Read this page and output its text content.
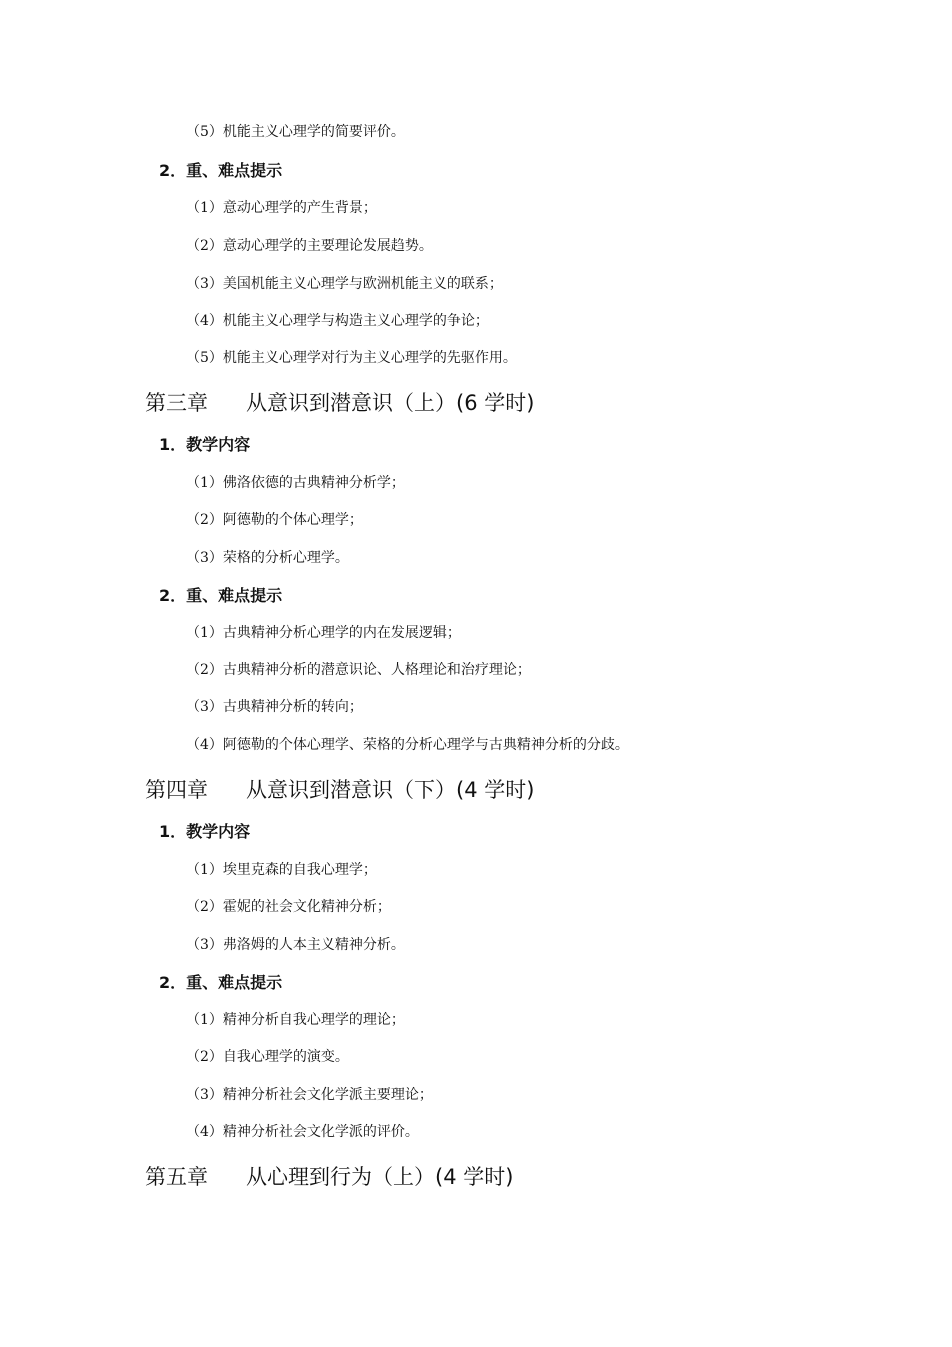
（5）机能主义心理学的简要评价。
2．重、难点提示
（1）意动心理学的产生背景；
（2）意动心理学的主要理论发展趋势。
（3）美国机能主义心理学与欧洲机能主义的联系；
（4）机能主义心理学与构造主义心理学的争论；
（5）机能主义心理学对行为主义心理学的先驱作用。
第三章 从意识到潜意识（上）(6 学时)
1．教学内容
（1）佛洛依德的古典精神分析学；
（2）阿德勒的个体心理学；
（3）荣格的分析心理学。
2．重、难点提示
（1）古典精神分析心理学的内在发展逻辑；
（2）古典精神分析的潜意识论、人格理论和治疗理论；
（3）古典精神分析的转向；
（4）阿德勒的个体心理学、荣格的分析心理学与古典精神分析的分歧。
第四章 从意识到潜意识（下）(4 学时)
1．教学内容
（1）埃里克森的自我心理学；
（2）霍妮的社会文化精神分析；
（3）弗洛姆的人本主义精神分析。
2．重、难点提示
（1）精神分析自我心理学的理论；
（2）自我心理学的演变。
（3）精神分析社会文化学派主要理论；
（4）精神分析社会文化学派的评价。
第五章 从心理到行为（上）(4 学时)
